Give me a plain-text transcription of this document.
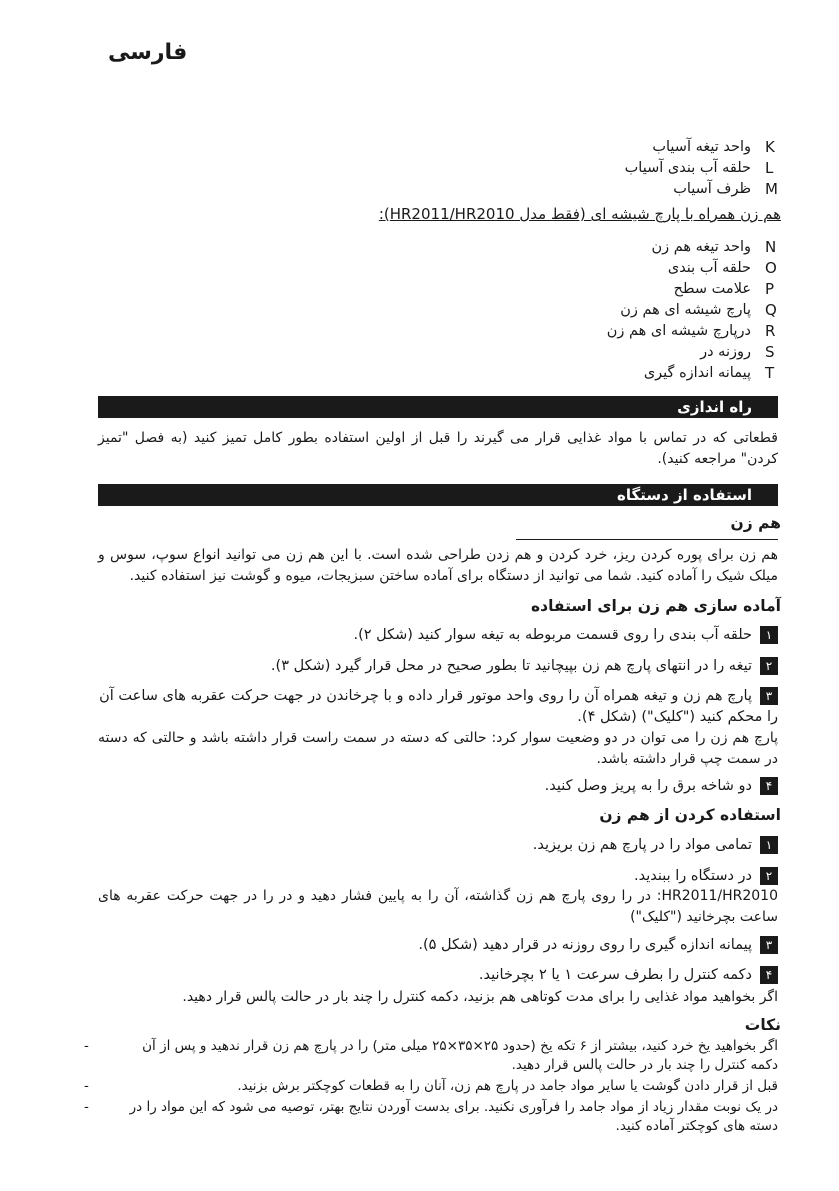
فارسی
واحد تیغه آسیاب K
حلقه آب بندی آسیاب L
ظرف آسیاب M
هم زن همراه با پارچ شیشه ای (فقط مدل HR2011/HR2010):
واحد تیغه هم زن N
حلقه آب بندی O
علامت سطح P
پارچ شیشه ای هم زن Q
درپارچ شیشه ای هم زن R
روزنه در S
پیمانه اندازه گیری T
راه اندازی
قطعاتی که در تماس با مواد غذایی قرار می گیرند را قبل از اولین استفاده بطور کامل تمیز کنید (به فصل "تمیز کردن" مراجعه کنید).
استفاده از دستگاه
هم زن
هم زن برای پوره کردن ریز، خرد کردن و هم زدن طراحی شده است. با این هم زن می توانید انواع سوپ، سوس و میلک شیک را آماده کنید. شما می توانید از دستگاه برای آماده ساختن سبزیجات، میوه و گوشت نیز استفاده کنید.
آماده سازی هم زن برای استفاده
۱حلقه آب بندی را روی قسمت مربوطه به تیغه سوار کنید (شکل ۲).
۲تیغه را در انتهای پارچ هم زن بپیچانید تا بطور صحیح در محل قرار گیرد (شکل ۳).
۳پارچ هم زن و تیغه همراه آن را روی واحد موتور قرار داده و با چرخاندن در جهت حرکت عقربه های ساعت آن را محکم کنید ("کلیک") (شکل ۴).
پارچ هم زن را می توان در دو وضعیت سوار کرد: حالتی که دسته در سمت راست قرار داشته باشد و حالتی که دسته در سمت چپ قرار داشته باشد.
۴دو شاخه برق را به پریز وصل کنید.
استفاده کردن از هم زن
۱تمامی مواد را در پارچ هم زن بریزید.
۲در دستگاه را ببندید.
HR2011/HR2010: در را روی پارچ هم زن گذاشته، آن را به پایین فشار دهید و در را در جهت حرکت عقربه های ساعت بچرخانید ("کلیک")
۳پیمانه اندازه گیری را روی روزنه در قرار دهید (شکل ۵).
۴دکمه کنترل را بطرف سرعت ۱ یا ۲ بچرخانید.
اگر بخواهید مواد غذایی را برای مدت کوتاهی هم بزنید، دکمه کنترل را چند بار در حالت پالس قرار دهید.
نکات
-	اگر بخواهید یخ خرد کنید، بیشتر از ۶ تکه یخ (حدود ۲۵×۳۵×۲۵ میلی متر) را در پارچ هم زن قرار ندهید و پس از آن دکمه کنترل را چند بار در حالت پالس قرار دهید.
-	قبل از قرار دادن گوشت یا سایر مواد جامد در پارچ هم زن، آنان را به قطعات کوچکتر برش بزنید.
-	در یک نوبت مقدار زیاد از مواد جامد را فرآوری نکنید. برای بدست آوردن نتایج بهتر، توصیه می شود که این مواد را در دسته های کوچکتر آماده کنید.
